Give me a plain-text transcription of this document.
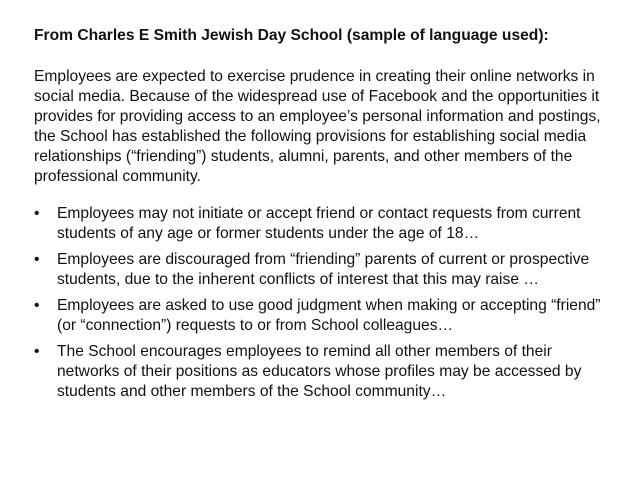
From Charles E Smith Jewish Day School (sample of language used):

Employees are expected to exercise prudence in creating their online networks in social media. Because of the widespread use of Facebook and the opportunities it provides for providing access to an employee’s personal information and postings, the School has established the following provisions for establishing social media relationships (“friending”) students, alumni, parents, and other members of the professional community.

•	Employees may not initiate or accept friend or contact requests from current students of any age or former students under the age of 18…
•	Employees are discouraged from “friending” parents of current or prospective students, due to the inherent conflicts of interest that this may raise …
•	Employees are asked to use good judgment when making or accepting “friend” (or “connection”) requests to or from School colleagues…
•	The School encourages employees to remind all other members of their networks of their positions as educators whose profiles may be accessed by students and other members of the School community…
